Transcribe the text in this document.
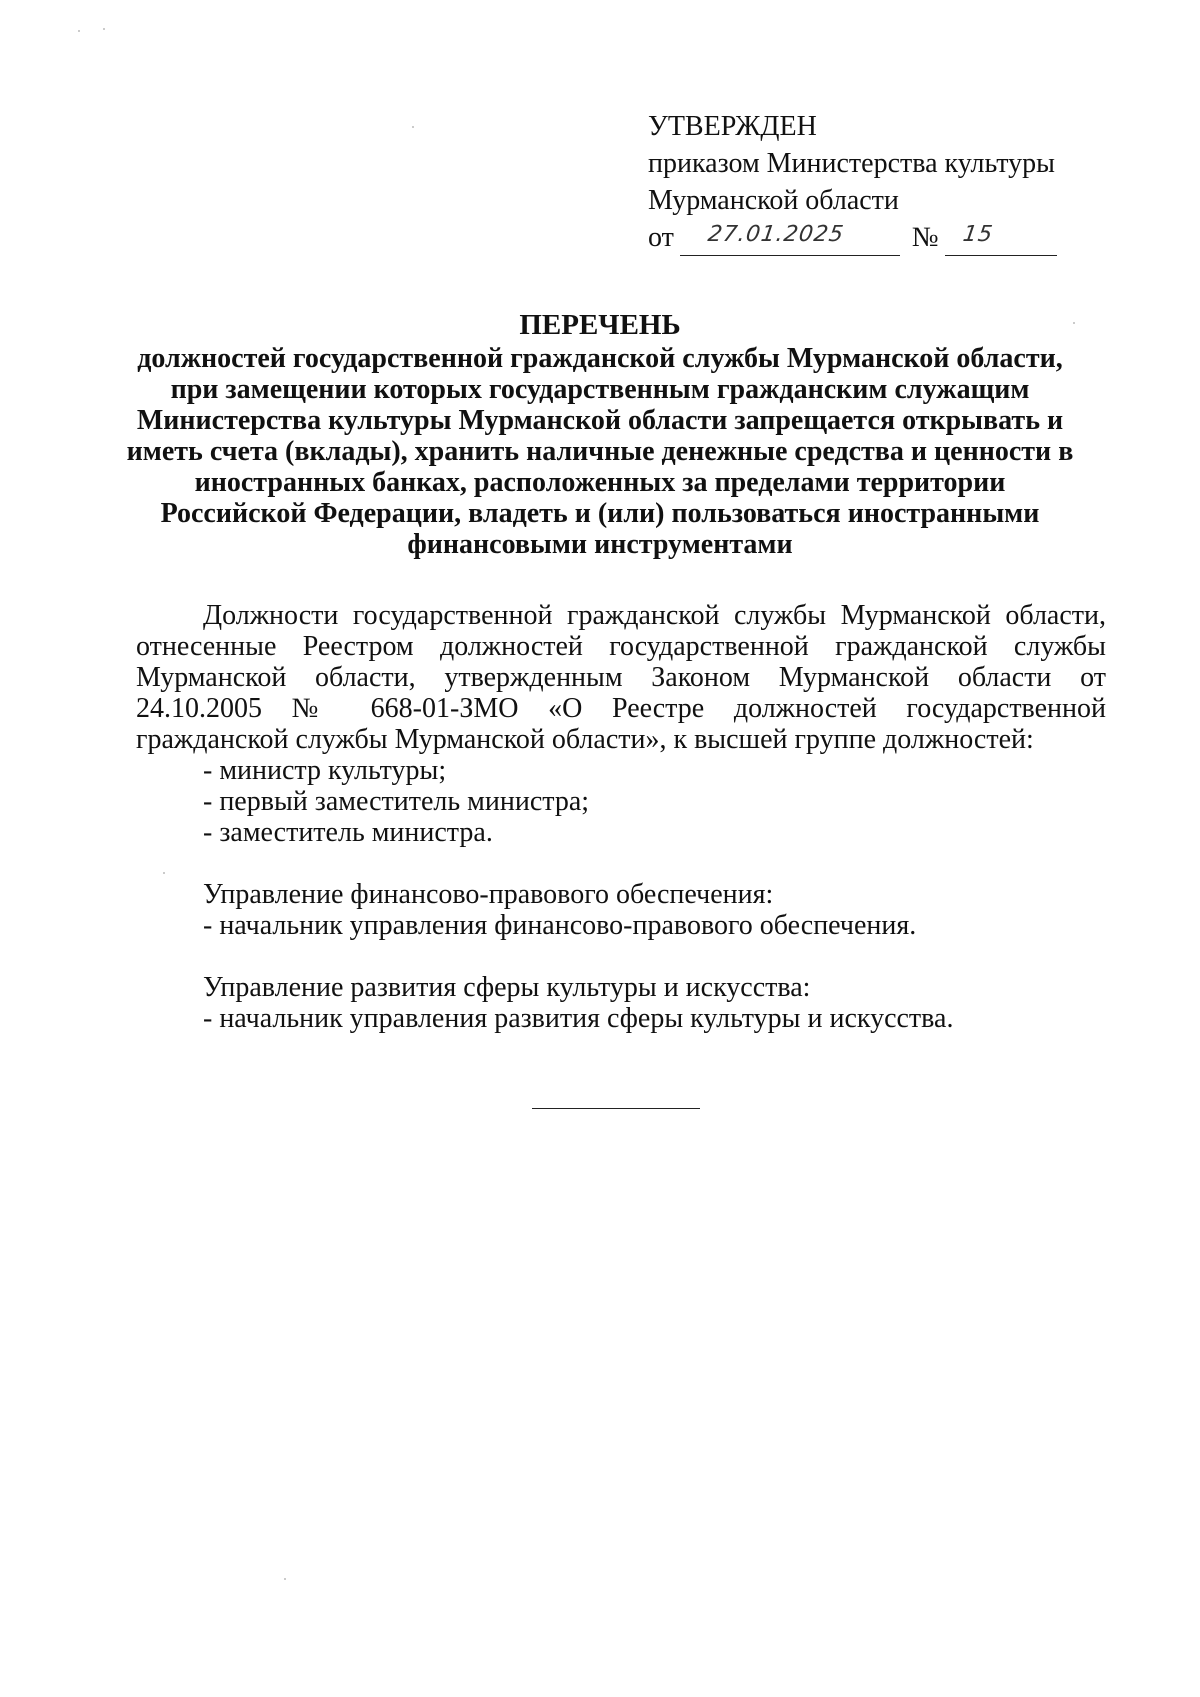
УТВЕРЖДЕН
приказом Министерства культуры
Мурманской области
от 27.01.2025 № 15
ПЕРЕЧЕНЬ
должностей государственной гражданской службы Мурманской области,
при замещении которых государственным гражданским служащим
Министерства культуры Мурманской области запрещается открывать и
иметь счета (вклады), хранить наличные денежные средства и ценности в
иностранных банках, расположенных за пределами территории
Российской Федерации, владеть и (или) пользоваться иностранными
финансовыми инструментами

Должности государственной гражданской службы Мурманской области, отнесенные Реестром должностей государственной гражданской службы Мурманской области, утвержденным Законом Мурманской области от 24.10.2005 № 668-01-ЗМО «О Реестре должностей государственной гражданской службы Мурманской области», к высшей группе должностей:

- министр культуры;
- первый заместитель министра;
- заместитель министра.
Управление финансово-правового обеспечения:
- начальник управления финансово-правового обеспечения.
Управление развития сферы культуры и искусства:
- начальник управления развития сферы культуры и искусства.
